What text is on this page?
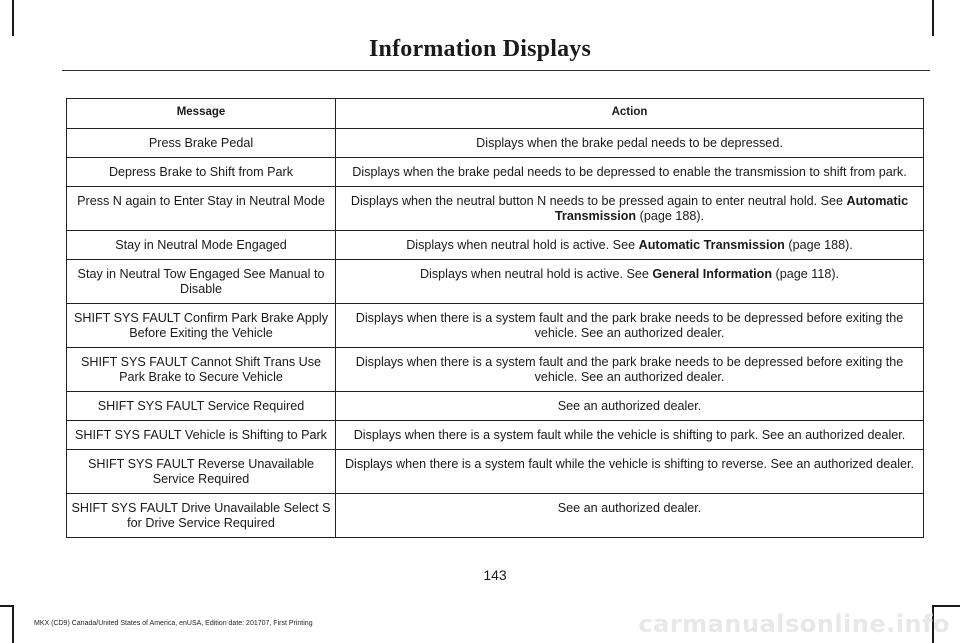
Information Displays
Message	Action
Press Brake Pedal	Displays when the brake pedal needs to be depressed.
Depress Brake to Shift from Park	Displays when the brake pedal needs to be depressed to enable the transmission to shift from park.
Press N again to Enter Stay in Neutral Mode	Displays when the neutral button N needs to be pressed again to enter neutral hold. See Automatic Transmission (page 188).
Stay in Neutral Mode Engaged	Displays when neutral hold is active. See Automatic Transmission (page 188).
Stay in Neutral Tow Engaged See Manual to Disable	Displays when neutral hold is active. See General Information (page 118).
SHIFT SYS FAULT Confirm Park Brake Apply Before Exiting the Vehicle	Displays when there is a system fault and the park brake needs to be depressed before exiting the vehicle. See an authorized dealer.
SHIFT SYS FAULT Cannot Shift Trans Use Park Brake to Secure Vehicle	Displays when there is a system fault and the park brake needs to be depressed before exiting the vehicle. See an authorized dealer.
SHIFT SYS FAULT Service Required	See an authorized dealer.
SHIFT SYS FAULT Vehicle is Shifting to Park	Displays when there is a system fault while the vehicle is shifting to park. See an authorized dealer.
SHIFT SYS FAULT Reverse Unavailable Service Required	Displays when there is a system fault while the vehicle is shifting to reverse. See an authorized dealer.
SHIFT SYS FAULT Drive Unavailable Select S for Drive Service Required	See an authorized dealer.
143
MKX (CD9) Canada/United States of America, enUSA, Edition date: 201707, First Printing	carmanualsonline.info
